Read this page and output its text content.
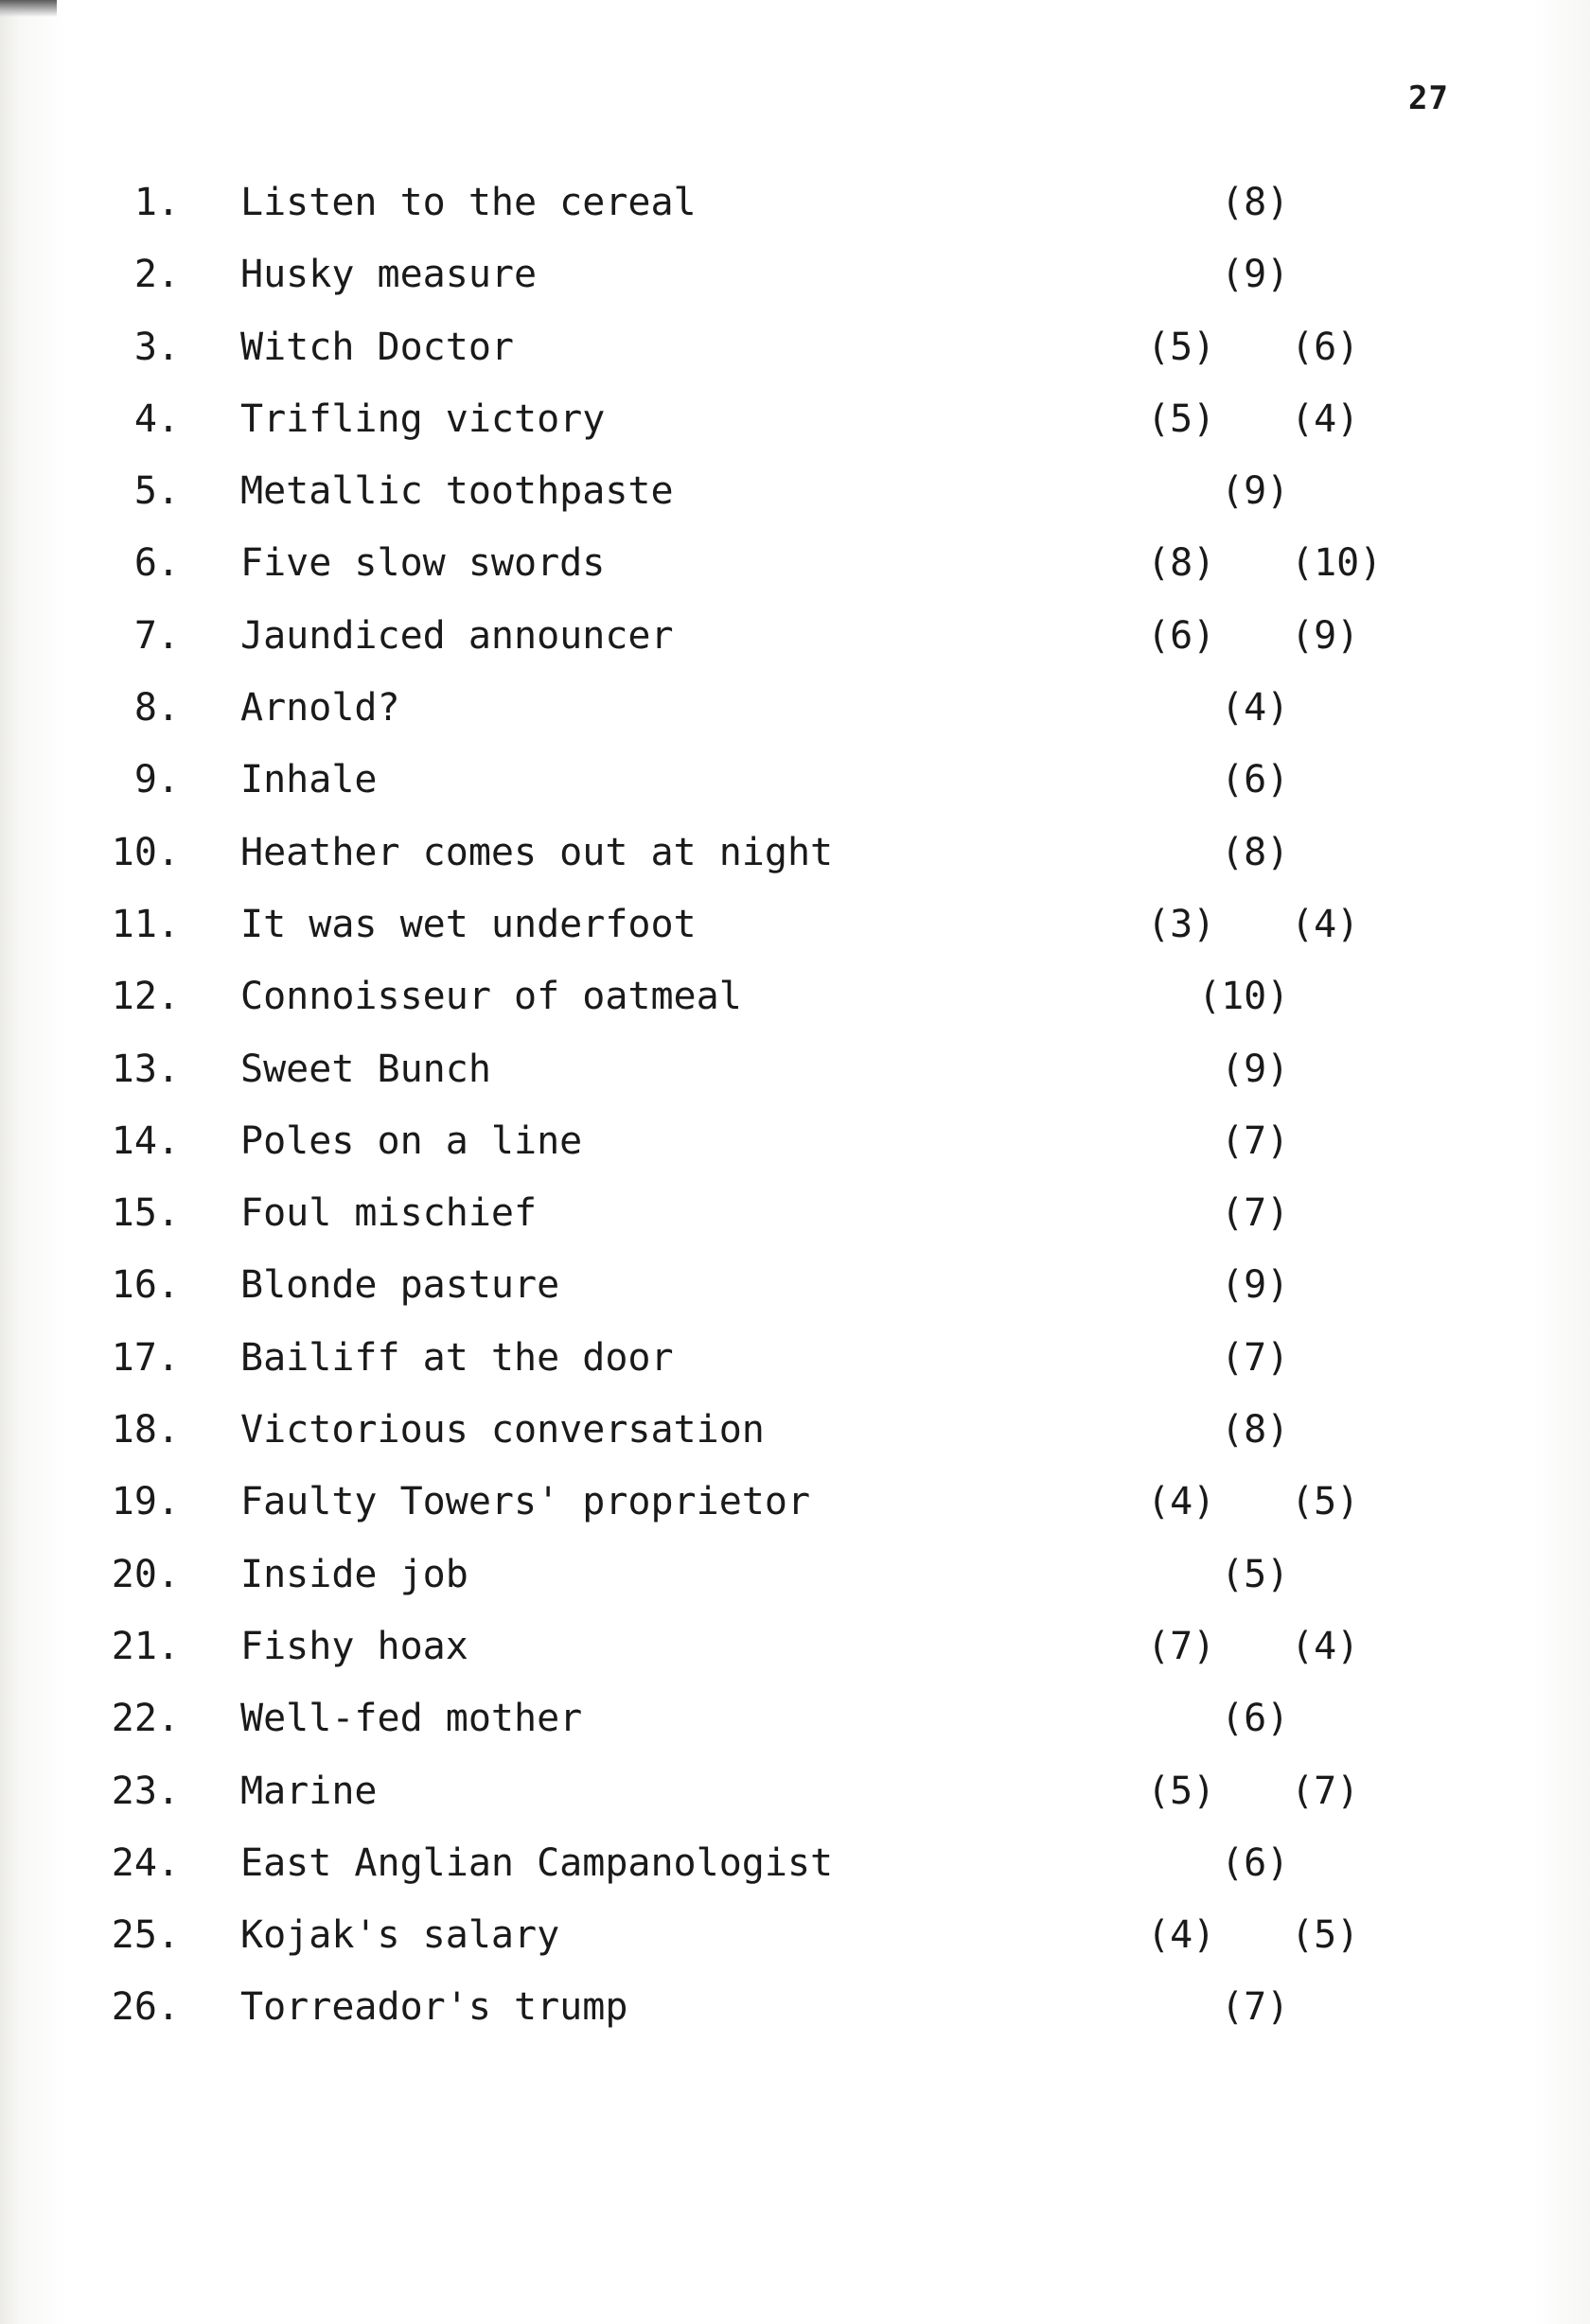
27
1. Listen to the cereal	(8)
2. Husky measure	(9)
3. Witch Doctor	(5) (6)
4. Trifling victory	(5) (4)
5. Metallic toothpaste	(9)
6. Five slow swords	(8) (10)
7. Jaundiced announcer	(6) (9)
8. Arnold?	(4)
9. Inhale	(6)
10. Heather comes out at night	(8)
11. It was wet underfoot	(3) (4)
12. Connoisseur of oatmeal	(10)
13. Sweet Bunch	(9)
14. Poles on a line	(7)
15. Foul mischief	(7)
16. Blonde pasture	(9)
17. Bailiff at the door	(7)
18. Victorious conversation	(8)
19. Faulty Towers' proprietor	(4) (5)
20. Inside job	(5)
21. Fishy hoax	(7) (4)
22. Well-fed mother	(6)
23. Marine	(5) (7)
24. East Anglian Campanologist	(6)
25. Kojak's salary	(4) (5)
26. Torreador's trump	(7)
